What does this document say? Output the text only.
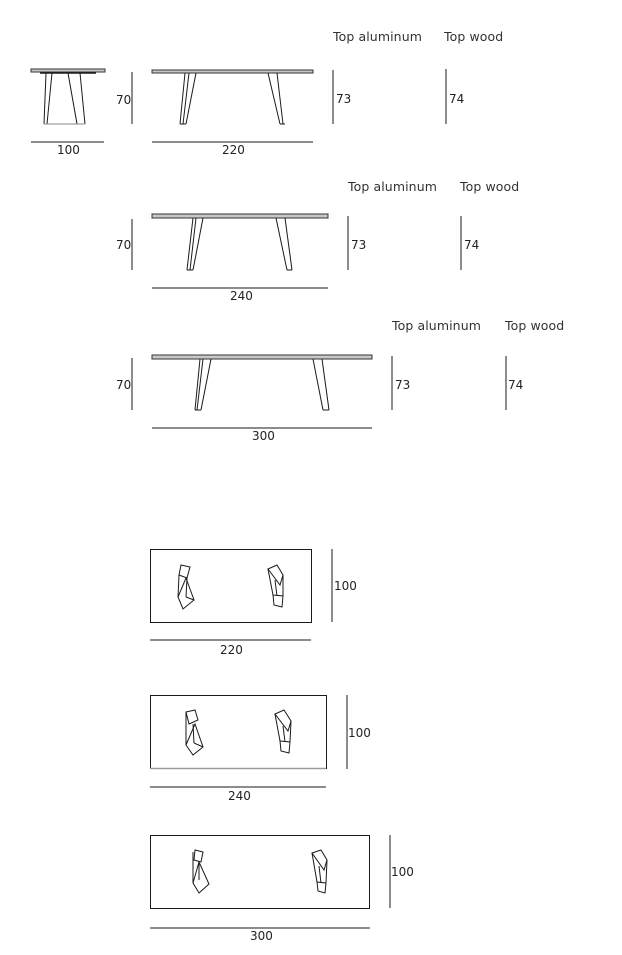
Top aluminum Top wood
70	73	74
100	220
Top aluminum Top wood
70	73	74
240
Top aluminum Top wood
70	73	74
300
100
220
100
240
100
300
